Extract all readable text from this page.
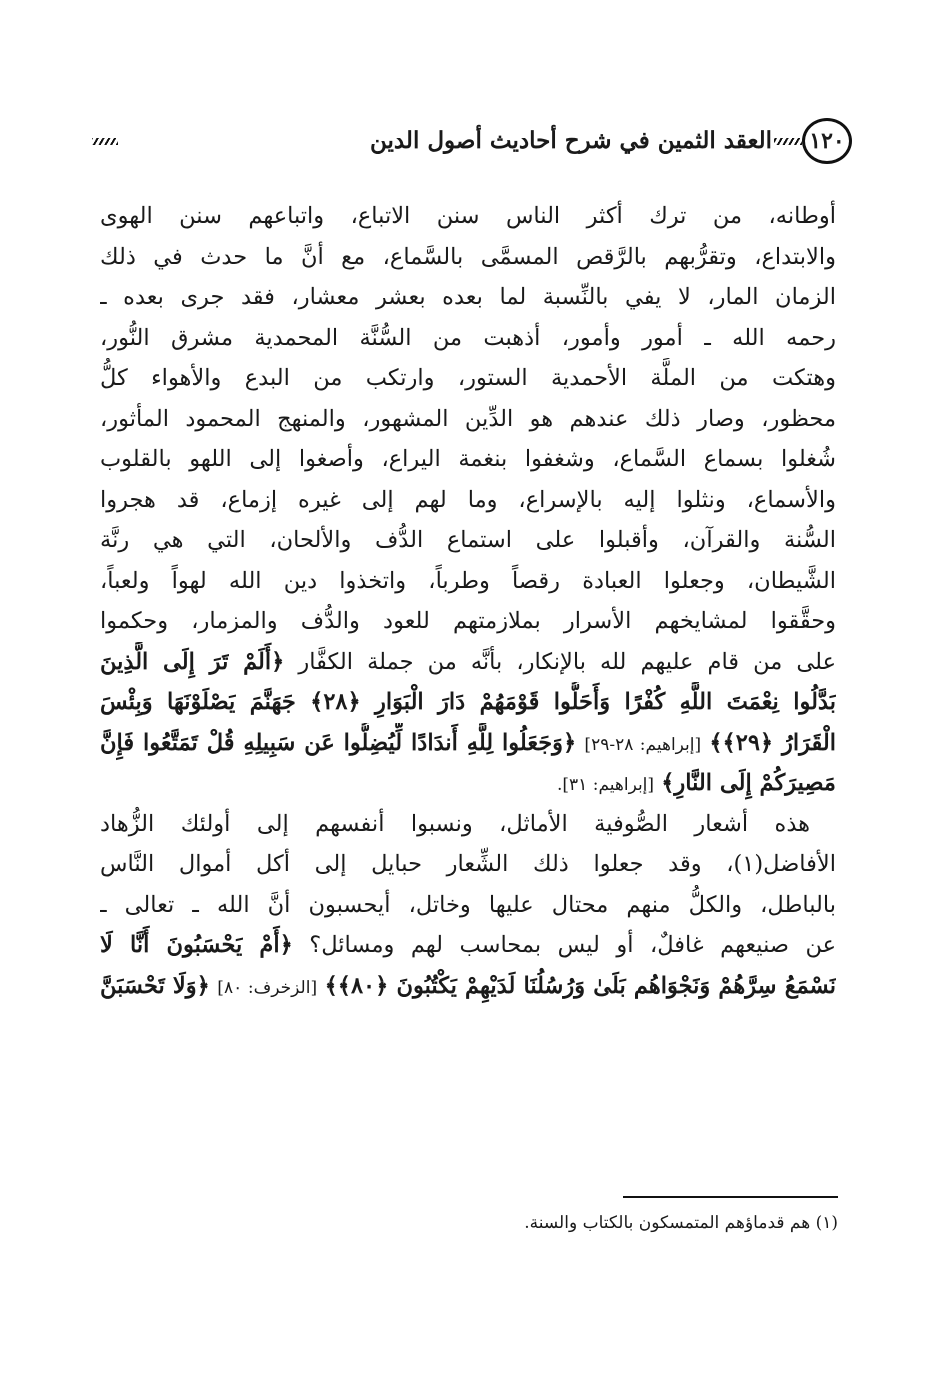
١٢٠
العقد الثمين في شرح أحاديث أصول الدين
أوطانه، من ترك أكثر الناس سنن الاتباع، واتباعهم سنن الهوى
والابتداع، وتقرُّبهم بالرَّقص المسمَّى بالسَّماع، مع أنَّ ما حدث في ذلك
الزمان المار، لا يفي بالنِّسبة لما بعده بعشر معشار، فقد جرى بعده ـ
رحمه الله ـ أمور وأمور، أذهبت من السُّنَّة المحمدية مشرق النُّور،
وهتكت من الملَّة الأحمدية الستور، وارتكب من البدع والأهواء كلُّ
محظور، وصار ذلك عندهم هو الدِّين المشهور، والمنهج المحمود المأثور،
شُغلوا بسماع السَّماع، وشغفوا بنغمة اليراع، وأصغوا إلى اللهو بالقلوب
والأسماع، ونثلوا إليه بالإسراع، وما لهم إلى غيره إزماع، قد هجروا
السُّنة والقرآن، وأقبلوا على استماع الدُّف والألحان، التي هي رنَّة
الشَّيطان، وجعلوا العبادة رقصاً وطرباً، واتخذوا دين الله لهواً ولعباً،
وحقَّقوا لمشايخهم الأسرار بملازمتهم للعود والدُّف والمزمار، وحكموا
على من قام عليهم لله بالإنكار، بأنَّه من جملة الكفَّار ﴿أَلَمْ تَرَ إِلَى الَّذِينَ
بَدَّلُوا نِعْمَتَ اللَّهِ كُفْرًا وَأَحَلُّوا قَوْمَهُمْ دَارَ الْبَوَارِ ﴿٢٨﴾ جَهَنَّمَ يَصْلَوْنَهَا وَبِئْسَ
الْقَرَارُ ﴿٢٩﴾﴾ [إبراهيم: ٢٨-٢٩] ﴿وَجَعَلُوا لِلَّهِ أَندَادًا لِّيُضِلُّوا عَن سَبِيلِهِ قُلْ تَمَتَّعُوا فَإِنَّ
مَصِيرَكُمْ إِلَى النَّارِ﴾ [إبراهيم: ٣١].
هذه أشعار الصُّوفية الأماثل، ونسبوا أنفسهم إلى أولئك الزُّهاد
الأفاضل(١)، وقد جعلوا ذلك الشِّعار حبايل إلى أكل أموال النَّاس
بالباطل، والكلُّ منهم محتال عليها وخاتل، أيحسبون أنَّ الله ـ تعالى ـ
عن صنيعهم غافلٌ، أو ليس بمحاسب لهم ومسائل؟ ﴿أَمْ يَحْسَبُونَ أَنَّا لَا
نَسْمَعُ سِرَّهُمْ وَنَجْوَاهُم بَلَىٰ وَرُسُلُنَا لَدَيْهِمْ يَكْتُبُونَ ﴿٨٠﴾﴾ [الزخرف: ٨٠] ﴿وَلَا تَحْسَبَنَّ
(١) هم قدماؤهم المتمسكون بالكتاب والسنة.
